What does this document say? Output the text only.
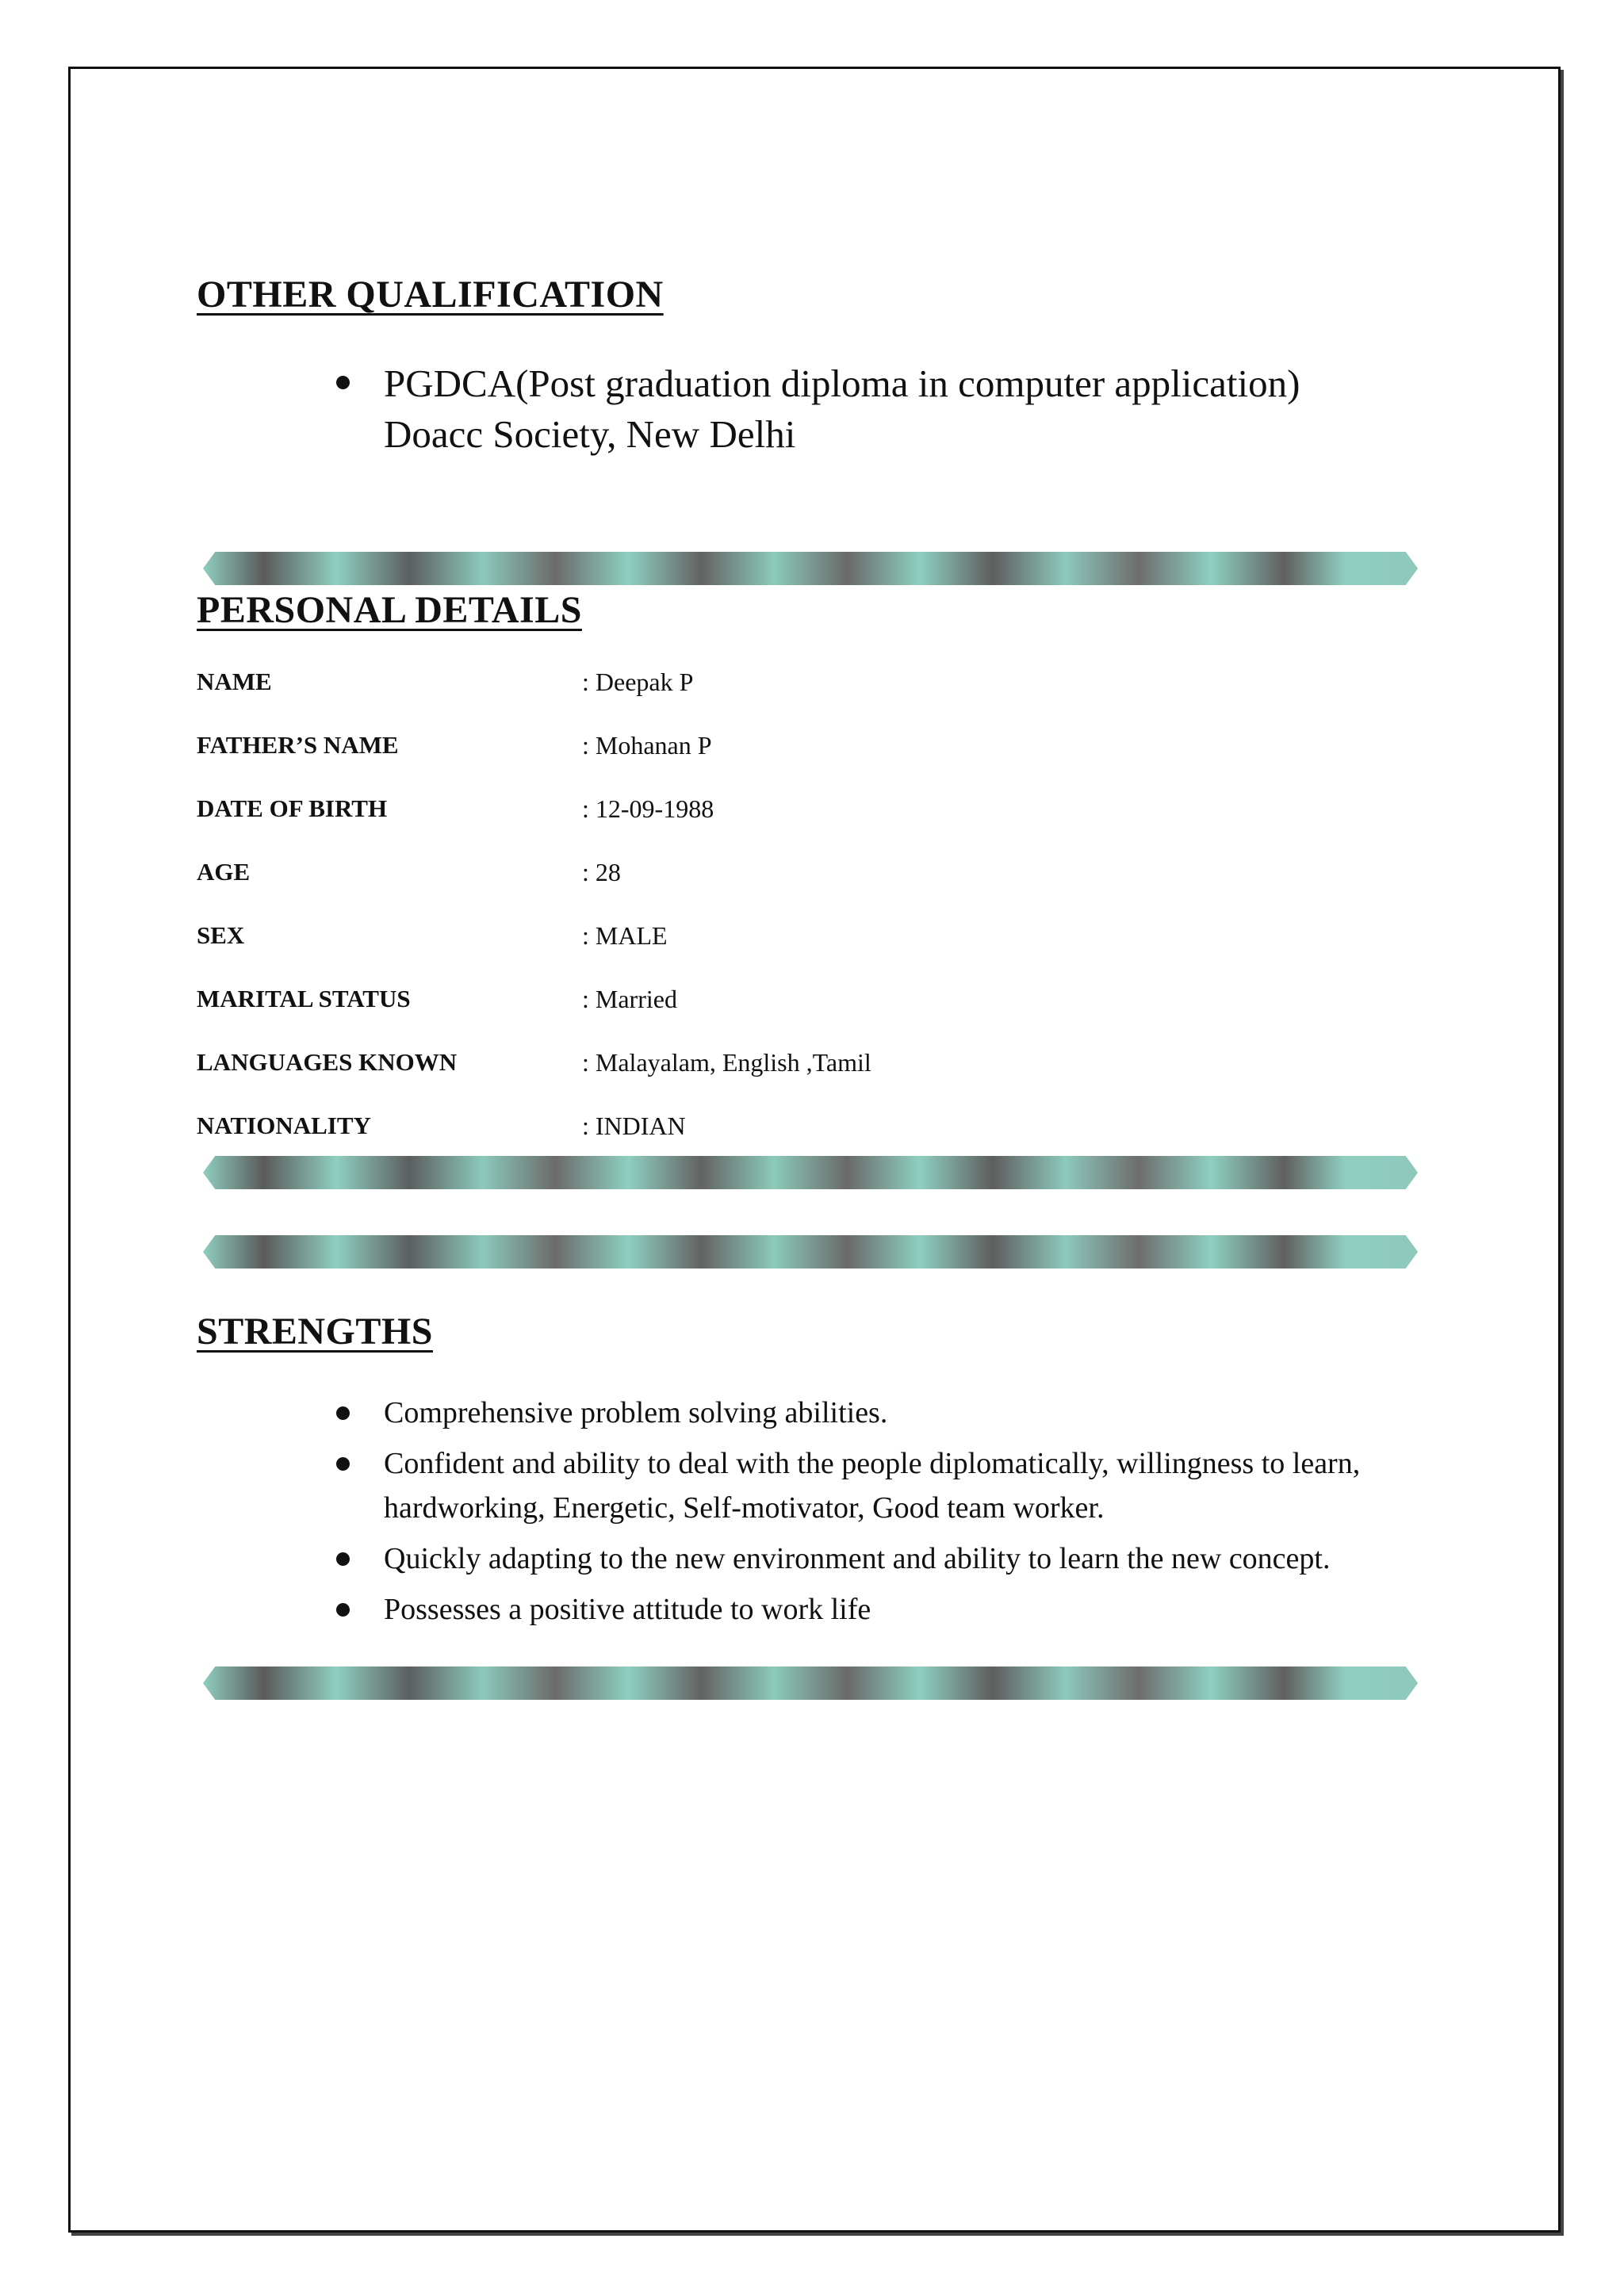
OTHER QUALIFICATION
PGDCA(Post graduation diploma in computer application)
Doacc Society, New Delhi
PERSONAL DETAILS
NAME	: Deepak P
FATHER’S NAME	: Mohanan P
DATE OF BIRTH	: 12-09-1988
AGE	: 28
SEX	: MALE
MARITAL STATUS	: Married
LANGUAGES KNOWN	: Malayalam, English ,Tamil
NATIONALITY	: INDIAN
STRENGTHS
Comprehensive problem solving abilities.
Confident and ability to deal with the people diplomatically, willingness to learn, hardworking, Energetic, Self-motivator, Good team worker.
Quickly adapting to the new environment and ability to learn the new concept.
Possesses a positive attitude to work life
